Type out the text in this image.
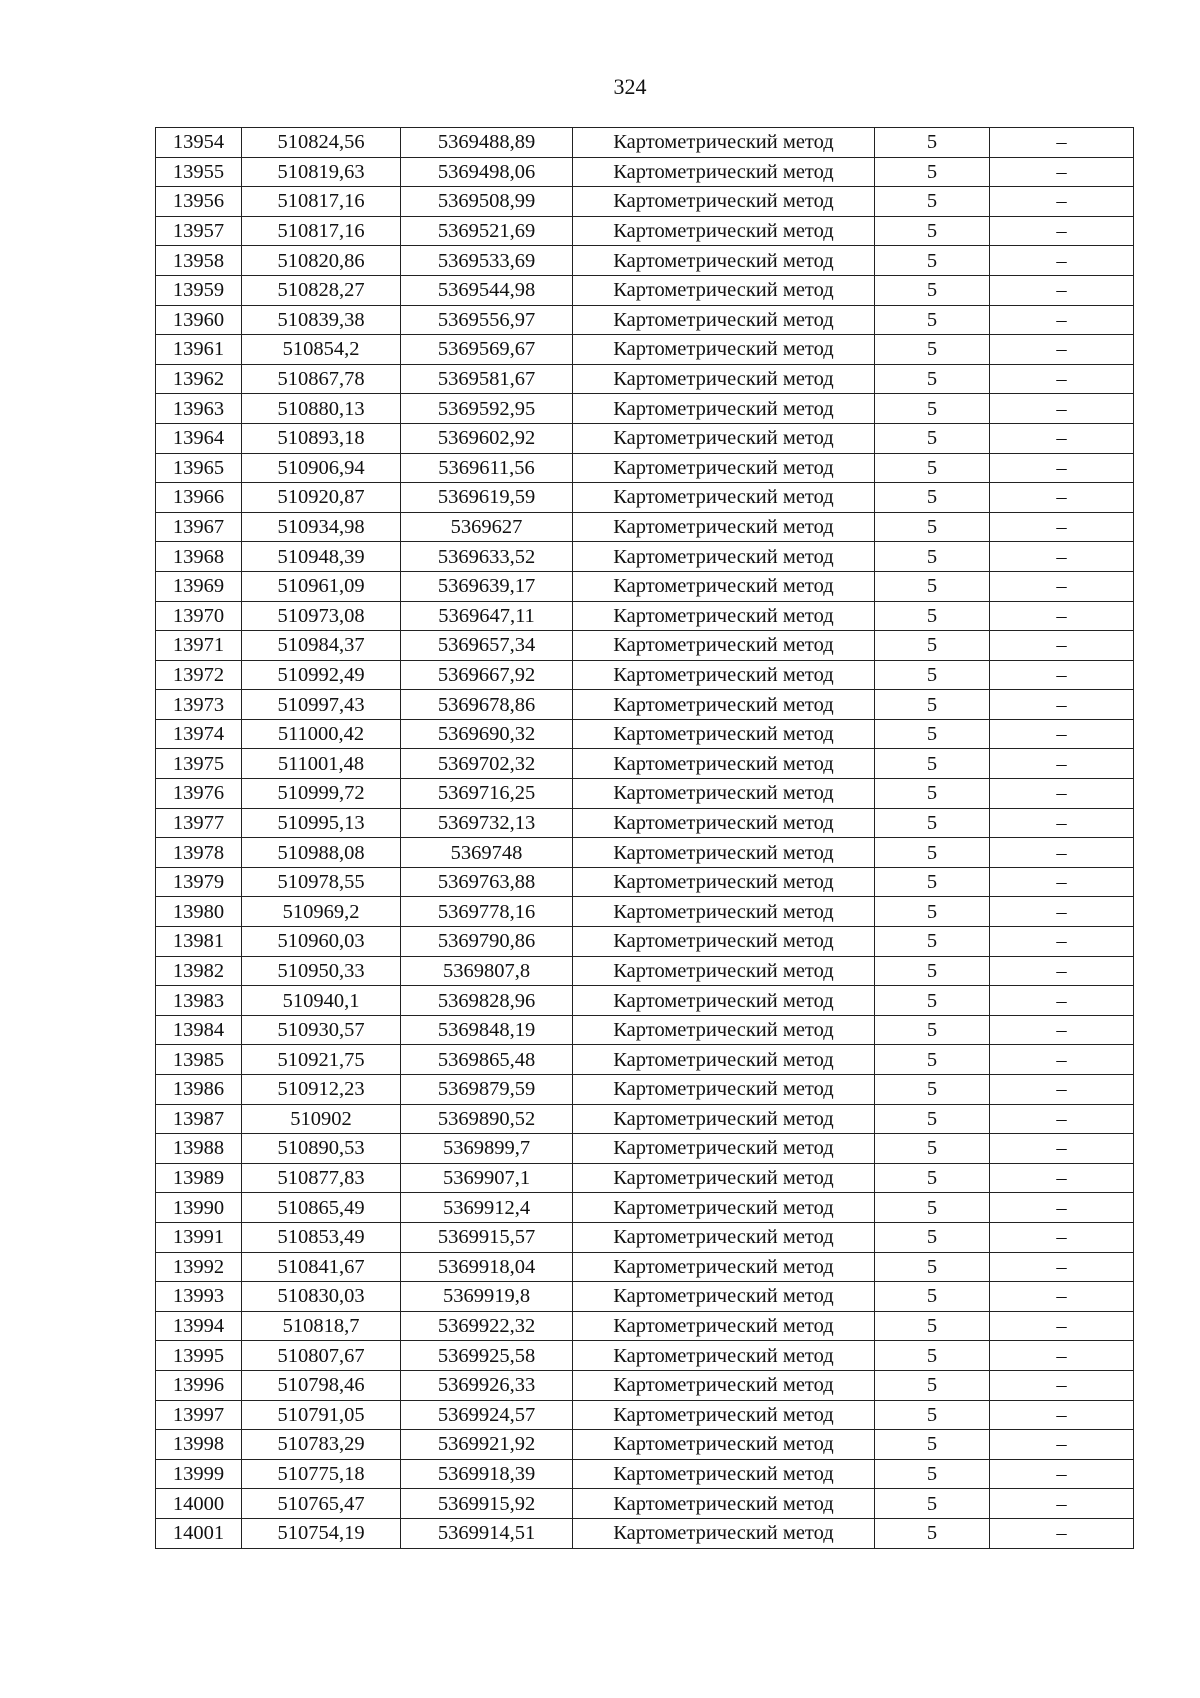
324
13954	510824,56	5369488,89	Картометрический метод	5	–
13955	510819,63	5369498,06	Картометрический метод	5	–
13956	510817,16	5369508,99	Картометрический метод	5	–
13957	510817,16	5369521,69	Картометрический метод	5	–
13958	510820,86	5369533,69	Картометрический метод	5	–
13959	510828,27	5369544,98	Картометрический метод	5	–
13960	510839,38	5369556,97	Картометрический метод	5	–
13961	510854,2	5369569,67	Картометрический метод	5	–
13962	510867,78	5369581,67	Картометрический метод	5	–
13963	510880,13	5369592,95	Картометрический метод	5	–
13964	510893,18	5369602,92	Картометрический метод	5	–
13965	510906,94	5369611,56	Картометрический метод	5	–
13966	510920,87	5369619,59	Картометрический метод	5	–
13967	510934,98	5369627	Картометрический метод	5	–
13968	510948,39	5369633,52	Картометрический метод	5	–
13969	510961,09	5369639,17	Картометрический метод	5	–
13970	510973,08	5369647,11	Картометрический метод	5	–
13971	510984,37	5369657,34	Картометрический метод	5	–
13972	510992,49	5369667,92	Картометрический метод	5	–
13973	510997,43	5369678,86	Картометрический метод	5	–
13974	511000,42	5369690,32	Картометрический метод	5	–
13975	511001,48	5369702,32	Картометрический метод	5	–
13976	510999,72	5369716,25	Картометрический метод	5	–
13977	510995,13	5369732,13	Картометрический метод	5	–
13978	510988,08	5369748	Картометрический метод	5	–
13979	510978,55	5369763,88	Картометрический метод	5	–
13980	510969,2	5369778,16	Картометрический метод	5	–
13981	510960,03	5369790,86	Картометрический метод	5	–
13982	510950,33	5369807,8	Картометрический метод	5	–
13983	510940,1	5369828,96	Картометрический метод	5	–
13984	510930,57	5369848,19	Картометрический метод	5	–
13985	510921,75	5369865,48	Картометрический метод	5	–
13986	510912,23	5369879,59	Картометрический метод	5	–
13987	510902	5369890,52	Картометрический метод	5	–
13988	510890,53	5369899,7	Картометрический метод	5	–
13989	510877,83	5369907,1	Картометрический метод	5	–
13990	510865,49	5369912,4	Картометрический метод	5	–
13991	510853,49	5369915,57	Картометрический метод	5	–
13992	510841,67	5369918,04	Картометрический метод	5	–
13993	510830,03	5369919,8	Картометрический метод	5	–
13994	510818,7	5369922,32	Картометрический метод	5	–
13995	510807,67	5369925,58	Картометрический метод	5	–
13996	510798,46	5369926,33	Картометрический метод	5	–
13997	510791,05	5369924,57	Картометрический метод	5	–
13998	510783,29	5369921,92	Картометрический метод	5	–
13999	510775,18	5369918,39	Картометрический метод	5	–
14000	510765,47	5369915,92	Картометрический метод	5	–
14001	510754,19	5369914,51	Картометрический метод	5	–
